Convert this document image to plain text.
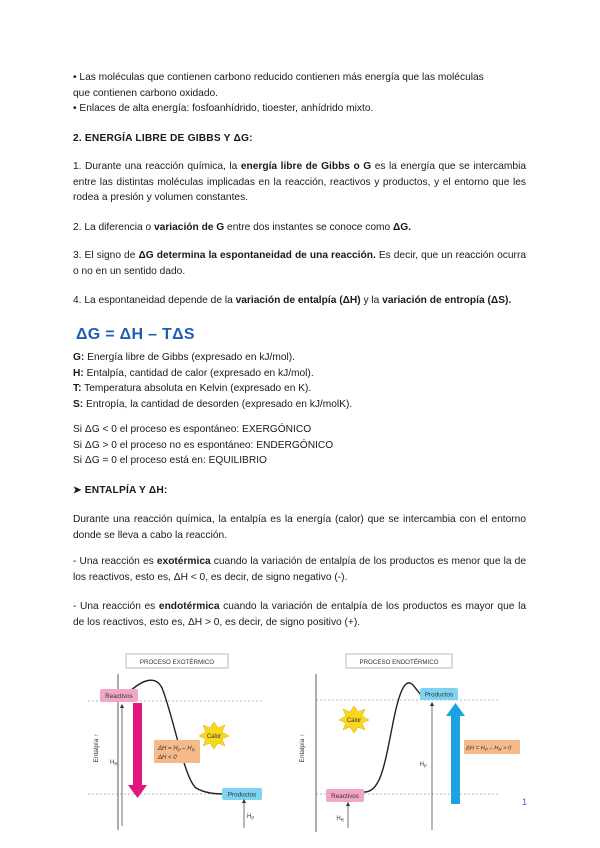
• Las moléculas que contienen carbono reducido contienen más energía que las moléculas
que contienen carbono oxidado.
• Enlaces de alta energía: fosfoanhídrido, tioester, anhídrido mixto.
2. ENERGÍA LIBRE DE GIBBS Y ΔG:
1. Durante una reacción química, la energía libre de Gibbs o G es la energía que se intercambia entre las distintas moléculas implicadas en la reacción, reactivos y productos, y el entorno que les rodea a presión y volumen constantes.
2. La diferencia o variación de G entre dos instantes se conoce como ΔG.
3. El signo de ΔG determina la espontaneidad de una reacción. Es decir, que un reacción ocurra o no en un sentido dado.
4. La espontaneidad depende de la variación de entalpía (ΔH) y la variación de entropía (ΔS).
ΔG = ΔH – TΔS
G: Energía libre de Gibbs (expresado en kJ/mol).
H: Entalpía, cantidad de calor (expresado en kJ/mol).
T: Temperatura absoluta en Kelvin (expresado en K).
S: Entropía, la cantidad de desorden (expresado en kJ/molK).
Si ΔG < 0 el proceso es espontáneo: EXERGÓNICO
Si ΔG > 0 el proceso no es espontáneo: ENDERGÓNICO
Si ΔG = 0 el proceso está en: EQUILIBRIO
➤ ENTALPÍA Y ΔH:
Durante una reacción química, la entalpía es la energía (calor) que se intercambia con el entorno donde se lleva a cabo la reacción.
- Una reacción es exotérmica cuando la variación de entalpía de los productos es menor que la de los reactivos, esto es, ΔH < 0, es decir, de signo negativo (-).
- Una reacción es endotérmica cuando la variación de entalpía de los productos es mayor que la de los reactivos, esto es, ΔH > 0, es decir, de signo positivo (+).
PROCESO EXOTÉRMICO
Entalpía ↑
Reactivos
$H_R$
$\Delta H = H_P - H_R$
ΔH < 0
Calor
Productos
$H_P$
PROCESO ENDOTÉRMICO
Entalpía ↑
Reactivos
$H_R$
Calor
Productos
$H_P$
$\Delta H = H_P - H_R > 0$
1
